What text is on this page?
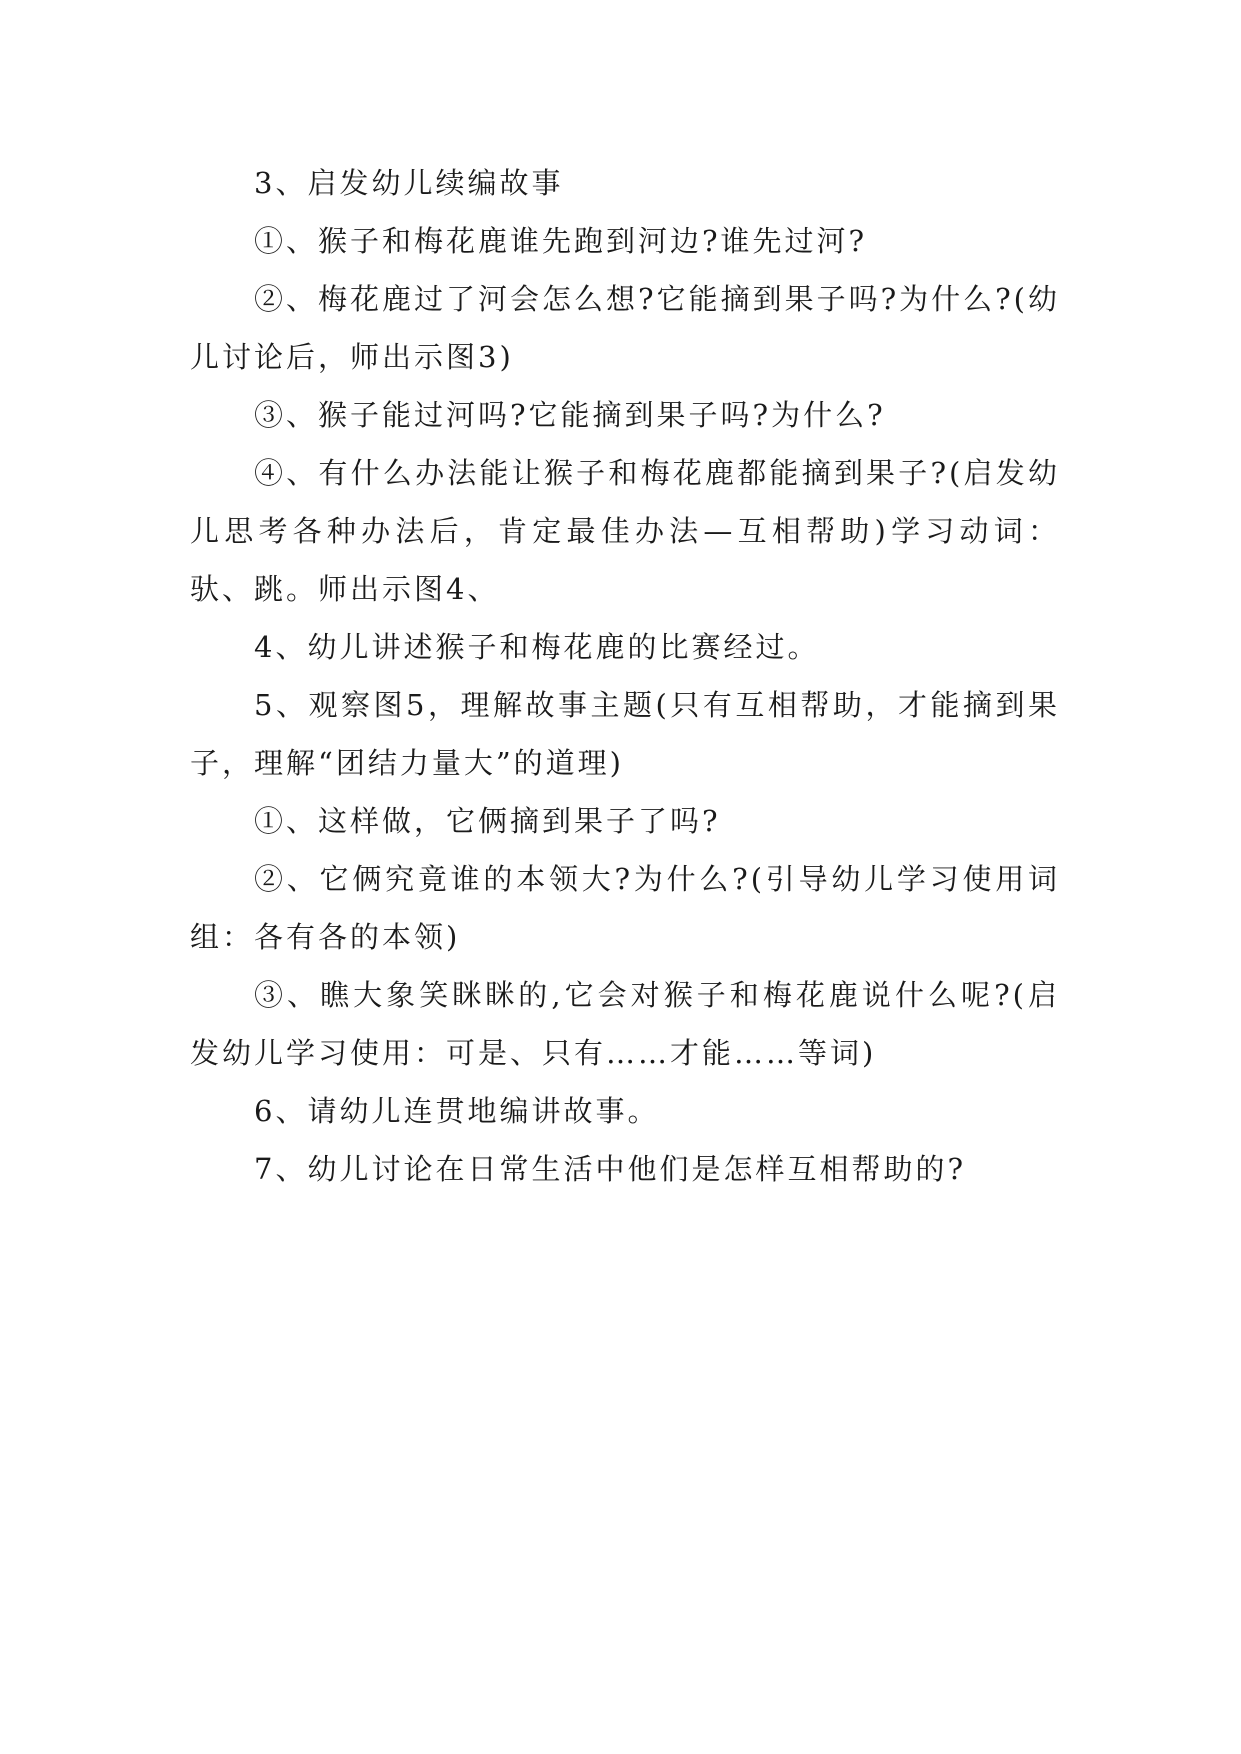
3、启发幼儿续编故事

①、猴子和梅花鹿谁先跑到河边?谁先过河?

②、梅花鹿过了河会怎么想?它能摘到果子吗?为什么?(幼儿讨论后，师出示图3)

③、猴子能过河吗?它能摘到果子吗?为什么?

④、有什么办法能让猴子和梅花鹿都能摘到果子?(启发幼儿思考各种办法后，肯定最佳办法—互相帮助)学习动词：驮、跳。师出示图4、

4、幼儿讲述猴子和梅花鹿的比赛经过。

5、观察图5，理解故事主题(只有互相帮助，才能摘到果子，理解“团结力量大”的道理)

①、这样做，它俩摘到果子了吗?

②、它俩究竟谁的本领大?为什么?(引导幼儿学习使用词组：各有各的本领)

③、瞧大象笑眯眯的,它会对猴子和梅花鹿说什么呢?(启发幼儿学习使用：可是、只有……才能……等词)

6、请幼儿连贯地编讲故事。

7、幼儿讨论在日常生活中他们是怎样互相帮助的?
